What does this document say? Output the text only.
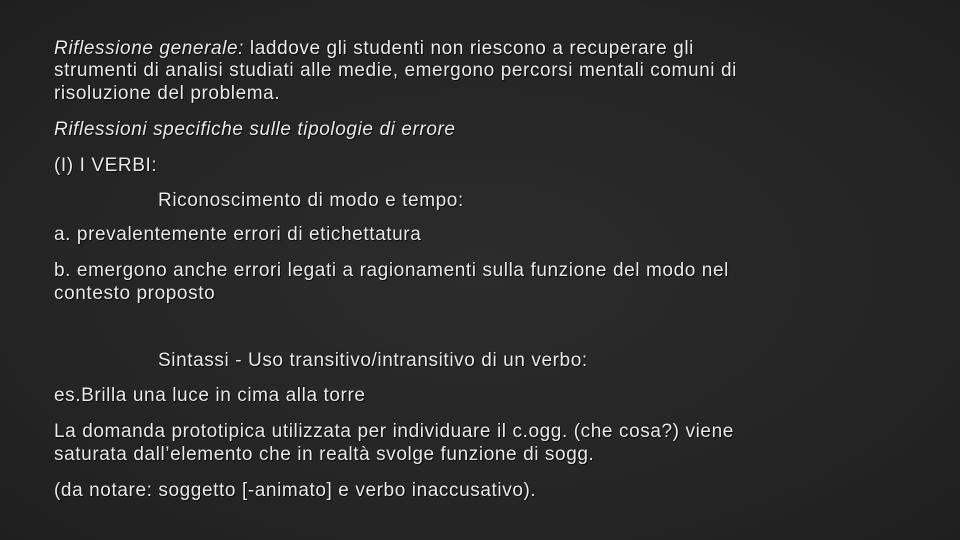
Riflessione generale: laddove gli studenti non riescono a recuperare gli
strumenti di analisi studiati alle medie, emergono percorsi mentali comuni di
risoluzione del problema.
Riflessioni specifiche sulle tipologie di errore
(I) I VERBI:
Riconoscimento di modo e tempo:
a. prevalentemente errori di etichettatura
b. emergono anche errori legati a ragionamenti sulla funzione del modo nel
contesto proposto
Sintassi - Uso transitivo/intransitivo di un verbo:
es.Brilla una luce in cima alla torre
La domanda prototipica utilizzata per individuare il c.ogg. (che cosa?) viene
saturata dall’elemento che in realtà svolge funzione di sogg.
(da notare: soggetto [-animato] e verbo inaccusativo).
